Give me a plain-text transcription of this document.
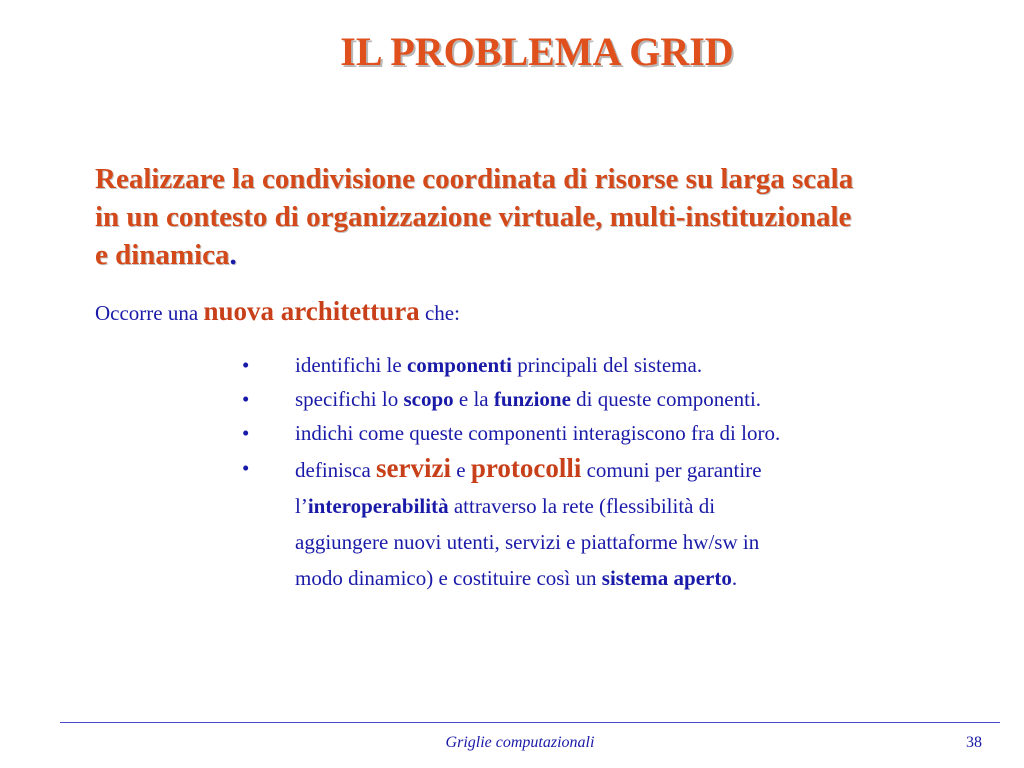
IL PROBLEMA GRID
Realizzare la condivisione coordinata di risorse su larga scala
in un contesto di organizzazione virtuale, multi-instituzionale
e dinamica.
Occorre una nuova architettura che:
• identifichi le componenti principali del sistema.
• specifichi lo scopo e la funzione di queste componenti.
• indichi come queste componenti interagiscono fra di loro.
• definisca servizi e protocolli comuni per garantire
l’interoperabilità attraverso la rete (flessibilità di
aggiungere nuovi utenti, servizi e piattaforme hw/sw in
modo dinamico) e costituire così un sistema aperto.
Griglie computazionali	38
